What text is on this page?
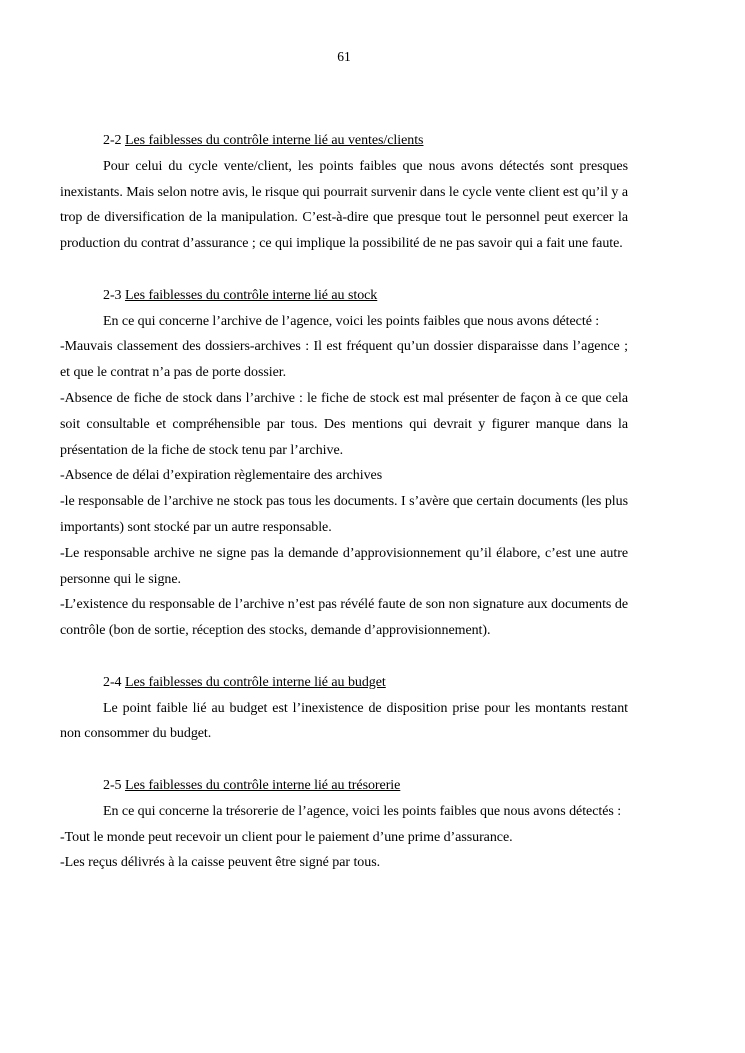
61

2-2 Les faiblesses du contrôle interne lié au ventes/clients

Pour celui du cycle vente/client, les points faibles que nous avons détectés sont presques inexistants. Mais selon notre avis, le risque qui pourrait survenir dans le cycle vente client est qu’il y a trop de diversification de la manipulation. C’est-à-dire que presque tout le personnel peut exercer la production du contrat d’assurance ; ce qui implique la possibilité de ne pas savoir qui a fait une faute.

2-3 Les faiblesses du contrôle interne lié au stock

En ce qui concerne l’archive de l’agence, voici les points faibles que nous avons détecté :

-Mauvais classement des dossiers-archives : Il est fréquent qu’un dossier disparaisse dans l’agence ; et que le contrat n’a pas de porte dossier.

-Absence de fiche de stock dans l’archive : le fiche de stock est mal présenter de façon à ce que cela soit consultable et compréhensible par tous. Des mentions qui devrait y figurer manque dans la présentation de la fiche de stock tenu par l’archive.

-Absence de délai d’expiration règlementaire des archives

-le responsable de l’archive ne stock pas tous les documents. I s’avère que certain documents (les plus importants) sont stocké par un autre responsable.

-Le responsable archive ne signe pas la demande d’approvisionnement qu’il élabore, c’est une autre personne qui le signe.

-L’existence du responsable de l’archive n’est pas révélé faute de son non signature aux documents de contrôle (bon de sortie, réception des stocks, demande d’approvisionnement).

2-4 Les faiblesses du contrôle interne lié au budget

Le point faible lié au budget est l’inexistence de disposition prise pour les montants restant non consommer du budget.

2-5 Les faiblesses du contrôle interne lié au trésorerie

En ce qui concerne la trésorerie de l’agence, voici les points faibles que nous avons détectés :

-Tout le monde peut recevoir un client pour le paiement d’une prime d’assurance.

-Les reçus délivrés à la caisse peuvent être signé par tous.
